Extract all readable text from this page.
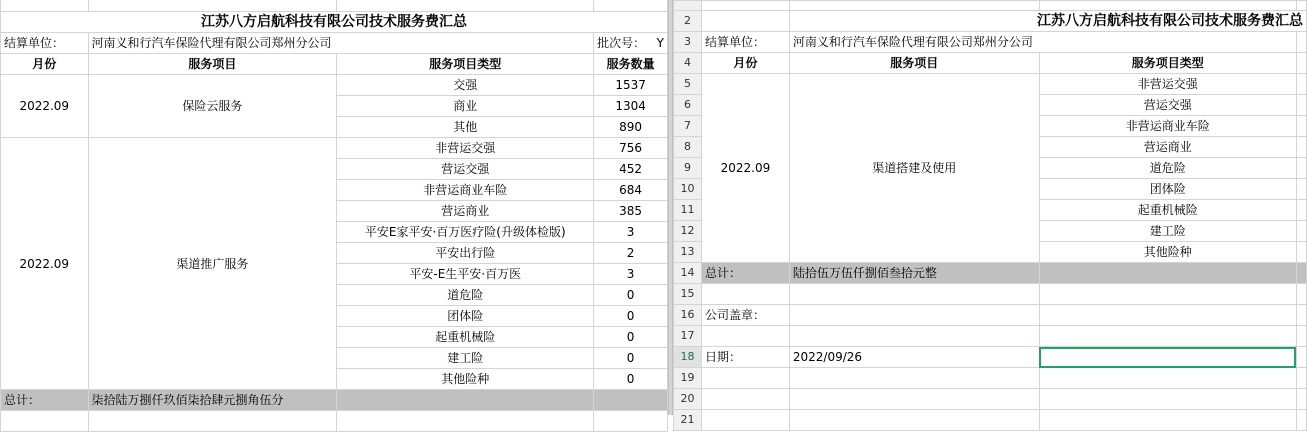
江苏八方启航科技有限公司技术服务费汇总			
结算单位：	河南义和行汽车保险代理有限公司郑州分公司		批次号： Y
月份	服务项目	服务项目类型	服务数量
2022.09	保险云服务	交强	1537
		商业	1304
		其他	890
2022.09	渠道推广服务	非营运交强	756
		营运交强	452
		非营运商业车险	684
		营运商业	385
		平安E家平安·百万医疗险(升级体检版)	3
		平安出行险	2
		平安-E生平安·百万医	3
		道危险	0
		团体险	0
		起重机械险	0
		建工险	0
		其他险种	0
总计：	柒拾陆万捌仟玖佰柒拾肆元捌角伍分		

2		江苏八方启航科技有限公司技术服务费汇总		
3	结算单位：	河南义和行汽车保险代理有限公司郑州分公司		
4	月份	服务项目	服务项目类型	
5	2022.09	渠道搭建及使用	非营运交强	
6			营运交强	
7			非营运商业车险	
8			营运商业	
9			道危险	
10			团体险	
11			起重机械险	
12			建工险	
13			其他险种	
14	总计：	陆拾伍万伍仟捌佰叁拾元整		
15				
16	公司盖章：			
17				
18	日期：	2022/09/26		
19				
20				
21				
